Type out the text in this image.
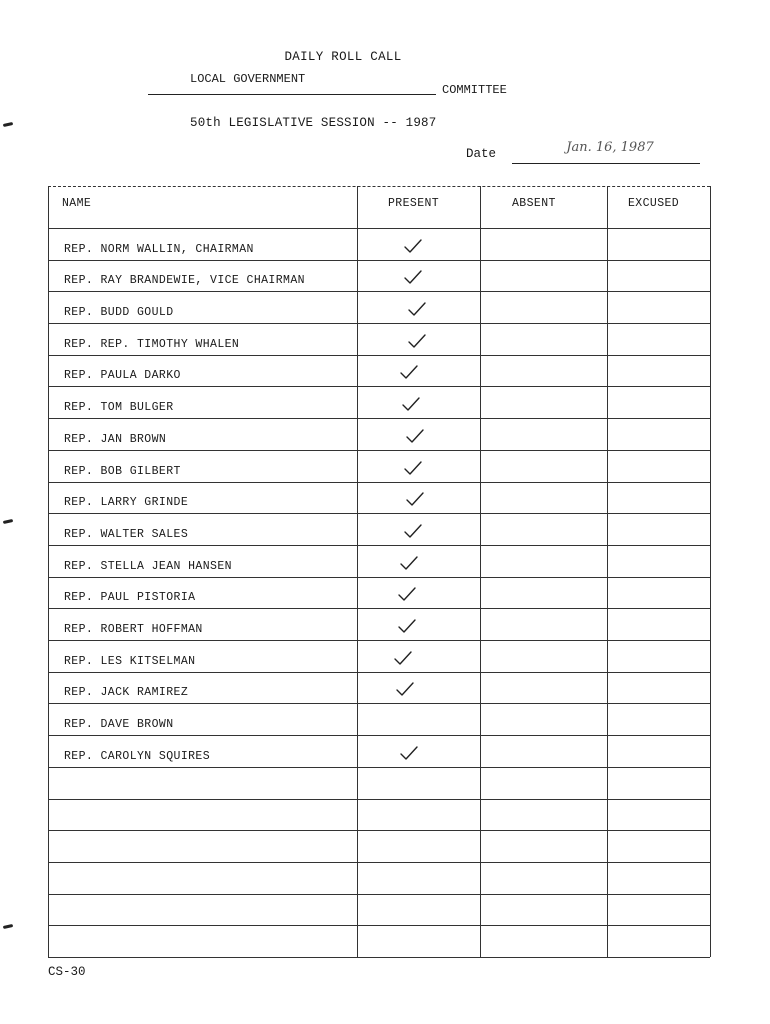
DAILY ROLL CALL
LOCAL GOVERNMENT
COMMITTEE
50th LEGISLATIVE SESSION -- 1987
Date	Jan. 16, 1987
NAME	PRESENT	ABSENT	EXCUSED
REP. NORM WALLIN, CHAIRMAN
REP. RAY BRANDEWIE, VICE CHAIRMAN
REP. BUDD GOULD
REP. REP. TIMOTHY WHALEN
REP. PAULA DARKO
REP. TOM BULGER
REP. JAN BROWN
REP. BOB GILBERT
REP. LARRY GRINDE
REP. WALTER SALES
REP. STELLA JEAN HANSEN
REP. PAUL PISTORIA
REP. ROBERT HOFFMAN
REP. LES KITSELMAN
REP. JACK RAMIREZ
REP. DAVE BROWN
REP. CAROLYN SQUIRES
CS-30
